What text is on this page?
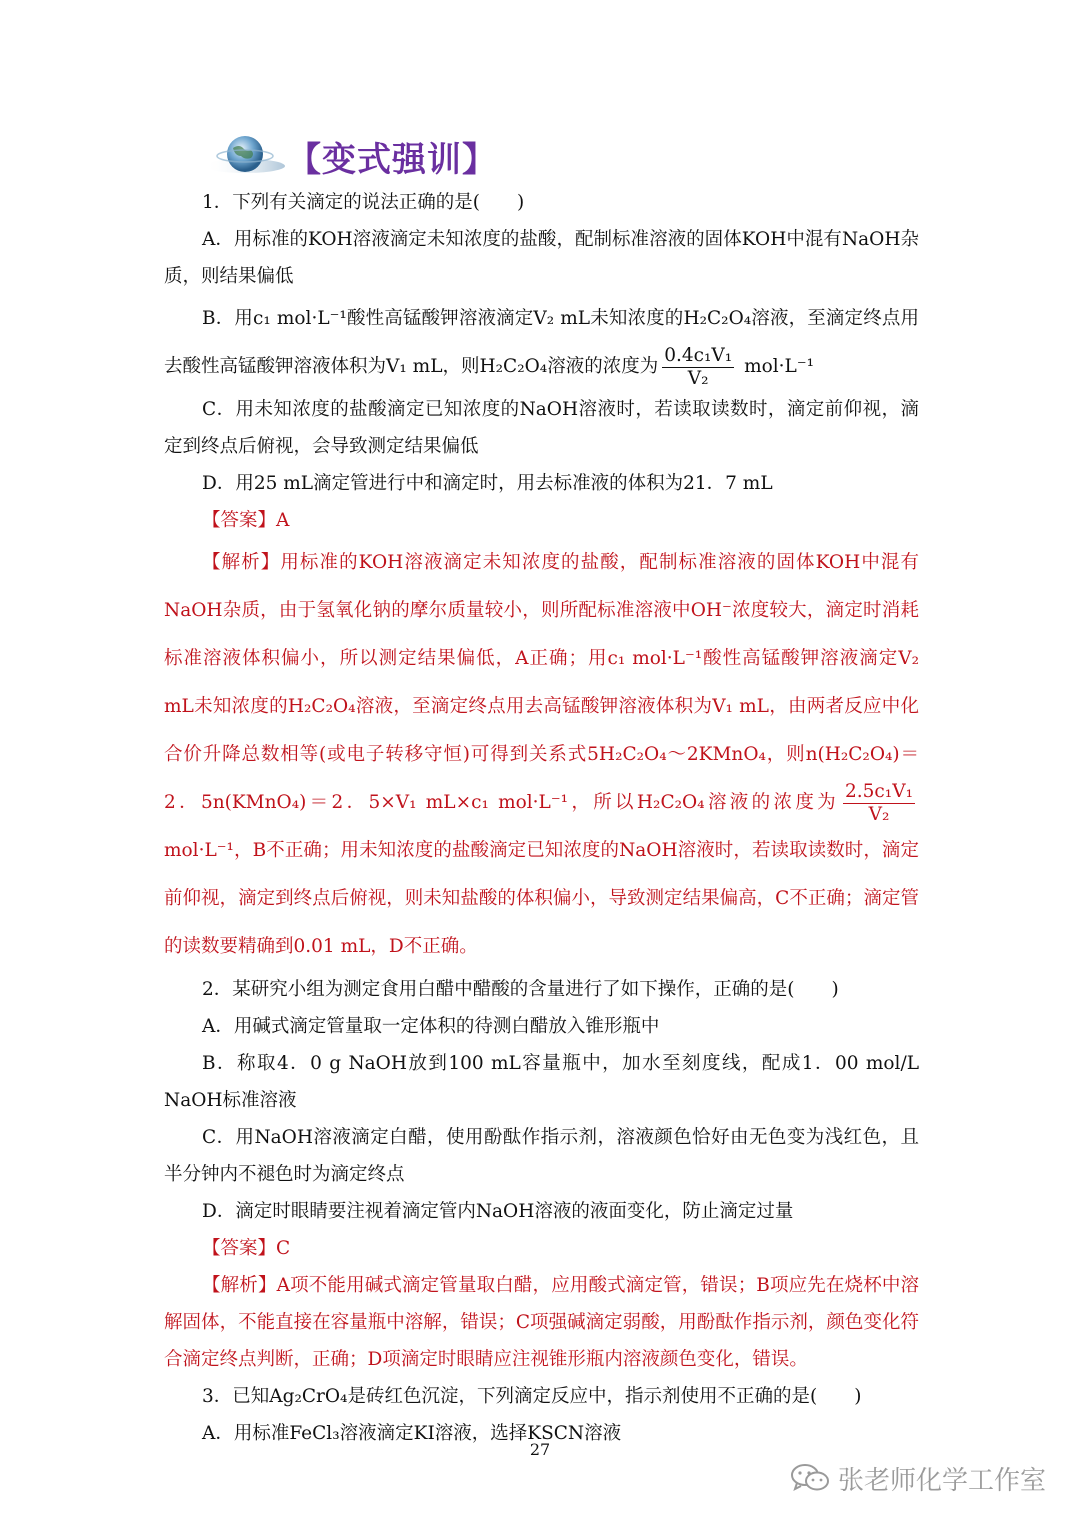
【变式强训】

1．下列有关滴定的说法正确的是(　　)

A．用标准的KOH溶液滴定未知浓度的盐酸，配制标准溶液的固体KOH中混有NaOH杂质，则结果偏低

B．用c₁ mol·L⁻¹酸性高锰酸钾溶液滴定V₂ mL未知浓度的H₂C₂O₄溶液，至滴定终点用去酸性高锰酸钾溶液体积为V₁ mL，则H₂C₂O₄溶液的浓度为 $\frac{\text{0.4c₁V₁}}{\text{V₂}} mol\cdot L^{-1}$

C．用未知浓度的盐酸滴定已知浓度的NaOH溶液时，若读取读数时，滴定前仰视，滴定到终点后俯视，会导致测定结果偏低

D．用25 mL滴定管进行中和滴定时，用去标准液的体积为21．7 mL

【答案】A

【解析】用标准的KOH溶液滴定未知浓度的盐酸，配制标准溶液的固体KOH中混有NaOH杂质，由于氢氧化钠的摩尔质量较小，则所配标准溶液中OH⁻浓度较大，滴定时消耗标准溶液体积偏小，所以测定结果偏低，A正确；用c₁ mol·L⁻¹酸性高锰酸钾溶液滴定V₂ mL未知浓度的H₂C₂O₄溶液，至滴定终点用去高锰酸钾溶液体积为V₁ mL，由两者反应中化合价升降总数相等(或电子转移守恒)可得到关系式5H₂C₂O₄～2KMnO₄，则n(H₂C₂O₄)＝2．5n(KMnO₄)＝2．5×V₁ mL×c₁ mol·L⁻¹，所以H₂C₂O₄溶液的浓度为 $\frac{\text{2.5c₁V₁}}{\text{V₂}}$
mol·L⁻¹，B不正确；用未知浓度的盐酸滴定已知浓度的NaOH溶液时，若读取读数时，滴定前仰视，滴定到终点后俯视，则未知盐酸的体积偏小，导致测定结果偏高，C不正确；滴定管的读数要精确到0.01 mL，D不正确。

2．某研究小组为测定食用白醋中醋酸的含量进行了如下操作，正确的是(　　)

A．用碱式滴定管量取一定体积的待测白醋放入锥形瓶中

B．称取4．0 g NaOH放到100 mL容量瓶中，加水至刻度线，配成1．00 mol/L NaOH标准溶液

C．用NaOH溶液滴定白醋，使用酚酞作指示剂，溶液颜色恰好由无色变为浅红色，且半分钟内不褪色时为滴定终点

D．滴定时眼睛要注视着滴定管内NaOH溶液的液面变化，防止滴定过量

【答案】C

【解析】A项不能用碱式滴定管量取白醋，应用酸式滴定管，错误；B项应先在烧杯中溶解固体，不能直接在容量瓶中溶解，错误；C项强碱滴定弱酸，用酚酞作指示剂，颜色变化符合滴定终点判断，正确；D项滴定时眼睛应注视锥形瓶内溶液颜色变化，错误。

3．已知Ag₂CrO₄是砖红色沉淀，下列滴定反应中，指示剂使用不正确的是(　　)

A．用标准FeCl₃溶液滴定KI溶液，选择KSCN溶液

27
张老师化学工作室
